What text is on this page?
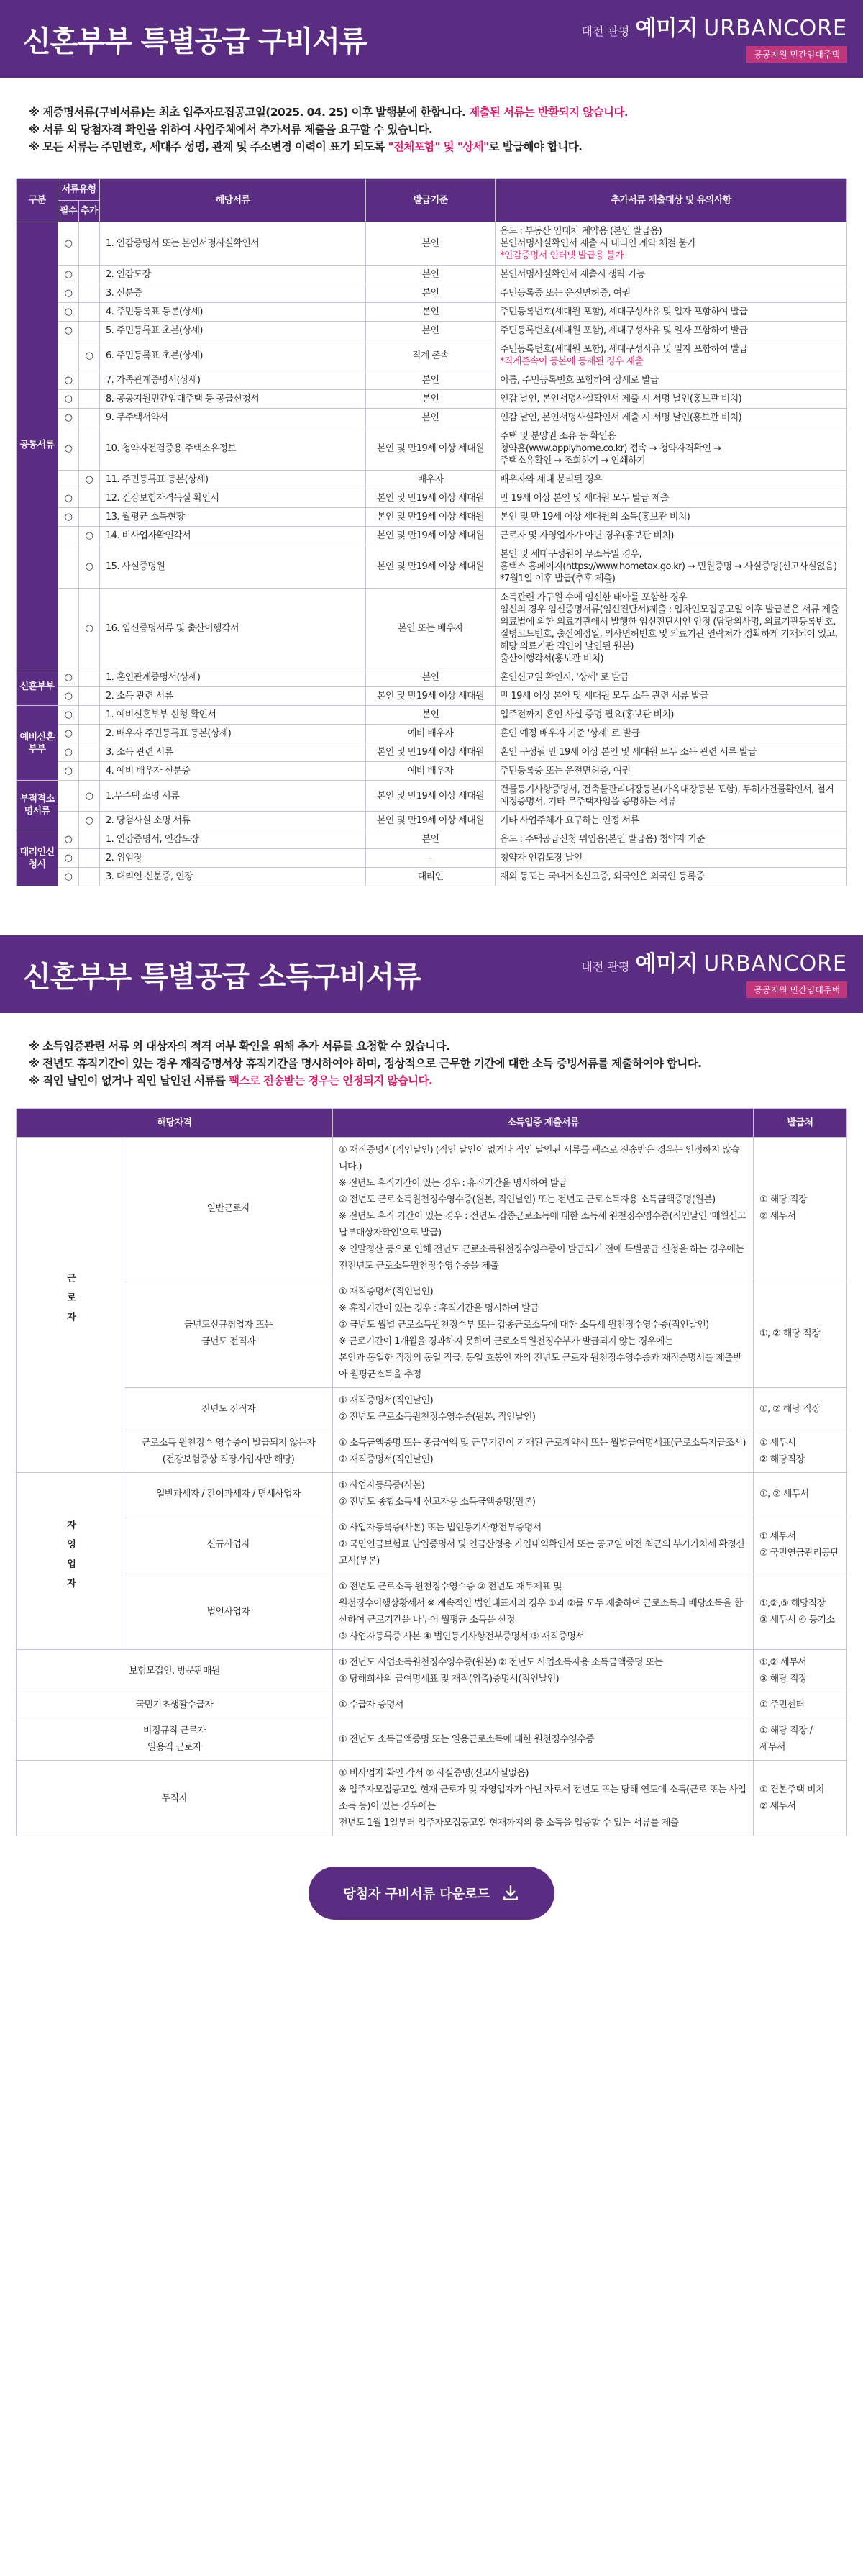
신혼부부 특별공급 구비서류	대전 관평 예미지 URBANCORE
공공지원 민간임대주택

※ 제증명서류(구비서류)는 최초 입주자모집공고일(2025. 04. 25) 이후 발행분에 한합니다. 제출된 서류는 반환되지 않습니다.

※ 서류 외 당첨자격 확인을 위하여 사업주체에서 추가서류 제출을 요구할 수 있습니다.

※ 모든 서류는 주민번호, 세대주 성명, 관계 및 주소변경 이력이 표기 되도록 "전체포함" 및 "상세"로 발급해야 합니다.

구분	서류유형		해당서류	발급기준	추가서류 제출대상 및 유의사항
	필수	추가			
공통서류	○		1. 인감증명서 또는 본인서명사실확인서	본인	용도 : 부동산 임대차 계약용 (본인 발급용)
본인서명사실확인서 제출 시 대리인 계약 체결 불가
*인감증명서 인터넷 발급용 불가
	○		2. 인감도장	본인	본인서명사실확인서 제출시 생략 가능
	○		3. 신분증	본인	주민등록증 또는 운전면허증, 여권
	○		4. 주민등록표 등본(상세)	본인	주민등록번호(세대원 포함), 세대구성사유 및 일자 포함하여 발급
	○		5. 주민등록표 초본(상세)	본인	주민등록번호(세대원 포함), 세대구성사유 및 일자 포함하여 발급
		○	6. 주민등록표 초본(상세)	직계 존속	주민등록번호(세대원 포함), 세대구성사유 및 일자 포함하여 발급
*직계존속이 등본에 등재된 경우 제출
	○		7. 가족관계증명서(상세)	본인	이름, 주민등록번호 포함하여 상세로 발급
	○		8. 공공지원민간임대주택 등 공급신청서	본인	인감 날인, 본인서명사실확인서 제출 시 서명 날인(홍보관 비치)
	○		9. 무주택서약서	본인	인감 날인, 본인서명사실확인서 제출 시 서명 날인(홍보관 비치)
	○		10. 청약자전검증용 주택소유정보	본인 및 만19세 이상 세대원	주택 및 분양권 소유 등 확인용
청약홈(www.applyhome.co.kr) 접속 → 청약자격확인 →
주택소유확인 → 조회하기 → 인쇄하기
		○	11. 주민등록표 등본(상세)	배우자	배우자와 세대 분리된 경우
	○		12. 건강보험자격득실 확인서	본인 및 만19세 이상 세대원	만 19세 이상 본인 및 세대원 모두 발급 제출
	○		13. 월평균 소득현황	본인 및 만19세 이상 세대원	본인 및 만 19세 이상 세대원의 소득(홍보관 비치)
		○	14. 비사업자확인각서	본인 및 만19세 이상 세대원	근로자 및 자영업자가 아닌 경우(홍보관 비치)
		○	15. 사실증명원	본인 및 만19세 이상 세대원	본인 및 세대구성원이 무소득일 경우,
홈택스 홈페이지(https://www.hometax.go.kr) → 민원증명 → 사실증명(신고사실없음)
*7월1일 이후 발급(추후 제출)
		○	16. 임신증명서류 및 출산이행각서	본인 또는 배우자	소득관련 가구원 수에 임신한 태아를 포함한 경우
임신의 경우 임신증명서류(임신진단서)제출 : 입차인모집공고일 이후 발급분은 서류 제출
의료법에 의한 의료기관에서 발행한 임신진단서인 인정 (담당의사명, 의료기관등록번호, 질병코드번호, 출산예정일, 의사면허번호 및 의료기관 연락처가 정확하게 기재되어 있고, 해당 의료기관 직인이 날인된 원본)
출산이행각서(홍보관 비치)
신혼부부	○		1. 혼인관계증명서(상세)	본인	혼인신고일 확인시, '상세' 로 발급
	○		2. 소득 관련 서류	본인 및 만19세 이상 세대원	만 19세 이상 본인 및 세대원 모두 소득 관련 서류 발급
예비신혼부부	○		1. 예비신혼부부 신청 확인서	본인	입주전까지 혼인 사실 증명 필요(홍보관 비치)
	○		2. 배우자 주민등록표 등본(상세)	예비 배우자	혼인 예정 배우자 기준 '상세' 로 발급
	○		3. 소득 관련 서류	본인 및 만19세 이상 세대원	혼인 구성될 만 19세 이상 본인 및 세대원 모두 소득 관련 서류 발급
	○		4. 예비 배우자 신분증	예비 배우자	주민등록증 또는 운전면허증, 여권
부적격소명서류		○	1.무주택 소명 서류	본인 및 만19세 이상 세대원	건물등기사항증명서, 건축물관리대장등본(가옥대장등본 포함), 무허가건물확인서, 철거예정증명서, 기타 무주택자임을 증명하는 서류
		○	2. 당첨사실 소명 서류	본인 및 만19세 이상 세대원	기타 사업주체가 요구하는 인정 서류
대리인신청시	○		1. 인감증명서, 인감도장	본인	용도 : 주택공급신청 위임용(본인 발급용) 청약자 기준
	○		2. 위임장	-	청약자 인감도장 날인
	○		3. 대리인 신분증, 인장	대리인	재외 동포는 국내거소신고증, 외국인은 외국인 등록증
신혼부부 특별공급 소득구비서류	대전 관평 예미지 URBANCORE
공공지원 민간임대주택

※ 소득입증관련 서류 외 대상자의 적격 여부 확인을 위해 추가 서류를 요청할 수 있습니다.

※ 전년도 휴직기간이 있는 경우 재직증명서상 휴직기간을 명시하여야 하며, 정상적으로 근무한 기간에 대한 소득 증빙서류를 제출하여야 합니다.

※ 직인 날인이 없거나 직인 날인된 서류를 팩스로 전송받는 경우는 인정되지 않습니다.

해당자격		소득입증 제출서류	발급처
근로자	일반근로자	① 재직증명서(직인날인) (직인 날인이 없거나 직인 날인된 서류를 팩스로 전송받은 경우는 인정하지 않습니다.)
※ 전년도 휴직기간이 있는 경우 : 휴직기간을 명시하여 발급
② 전년도 근로소득원천징수영수증(원본, 직인날인) 또는 전년도 근로소득자용 소득금액증명(원본)
※ 전년도 휴직 기간이 있는 경우 : 전년도 갑종근로소득에 대한 소득세 원천징수영수증(직인날인 '매월신고납부대상자확인'으로 발급)
※ 연말정산 등으로 인해 전년도 근로소득원천징수영수증이 발급되기 전에 특별공급 신청을 하는 경우에는 전전년도 근로소득원천징수영수증을 제출	① 해당 직장
② 세무서
	금년도신규취업자 또는
금년도 전직자	① 재직증명서(직인날인)
※ 휴직기간이 있는 경우 : 휴직기간을 명시하여 발급
② 금년도 월별 근로소득원천징수부 또는 갑종근로소득에 대한 소득세 원천징수영수증(직인날인)
※ 근로기간이 1개월을 경과하지 못하여 근로소득원천징수부가 발급되지 않는 경우에는
본인과 동일한 직장의 동일 직급, 동일 호봉인 자의 전년도 근로자 원천징수영수증과 재직증명서를 제출받아 월평균소득을 추정	①, ② 해당 직장
	전년도 전직자	① 재직증명서(직인날인)
② 전년도 근로소득원천징수영수증(원본, 직인날인)	①, ② 해당 직장
	근로소득 원천징수 영수증이 발급되지 않는자
(건강보험증상 직장가입자만 해당)	① 소득금액증명 또는 총급여액 및 근무기간이 기재된 근로계약서 또는 월별급여명세표(근로소득지급조서)
② 재직증명서(직인날인)	① 세무서
② 해당직장
자영업자	일반과세자 / 간이과세자 / 면세사업자	① 사업자등록증(사본)
② 전년도 종합소득세 신고자용 소득금액증명(원본)	①, ② 세무서
	신규사업자	① 사업자등록증(사본) 또는 법인등기사항전부증명서
② 국민연금보험료 납입증명서 및 연금산정용 가입내역확인서 또는 공고일 이전 최근의 부가가치세 확정신고서(부본)	① 세무서
② 국민연금관리공단
	법인사업자	① 전년도 근로소득 원천징수영수증 ② 전년도 재무제표 및
원천징수이행상황세서 ※ 계속적인 법인대표자의 경우 ①과 ②를 모두 제출하여 근로소득과 배당소득을 합산하여 근로기간을 나누어 월평균 소득을 산정
③ 사업자등록증 사본 ④ 법인등기사항전부증명서 ⑤ 재직증명서	①,②,⑤ 해당직장
③ 세무서 ④ 등기소
보험모집인, 방문판매원		① 전년도 사업소득원천징수영수증(원본) ② 전년도 사업소득자용 소득금액증명 또는
③ 당해회사의 급여명세표 및 재직(위촉)증명서(직인날인)	①,② 세무서
③ 해당 직장
국민기초생활수급자		① 수급자 증명서	① 주민센터
비정규직 근로자
일용직 근로자		① 전년도 소득금액증명 또는 일용근로소득에 대한 원천징수영수증	① 해당 직장 /
세무서
무직자		① 비사업자 확인 각서 ② 사실증명(신고사실없음)
※ 입주자모집공고일 현재 근로자 및 자영업자가 아닌 자로서 전년도 또는 당해 연도에 소득(근로 또는 사업소득 등)이 있는 경우에는
전년도 1월 1일부터 입주자모집공고일 현재까지의 총 소득을 입증할 수 있는 서류를 제출	① 견본주택 비치
② 세무서
당첨자 구비서류 다운로드
